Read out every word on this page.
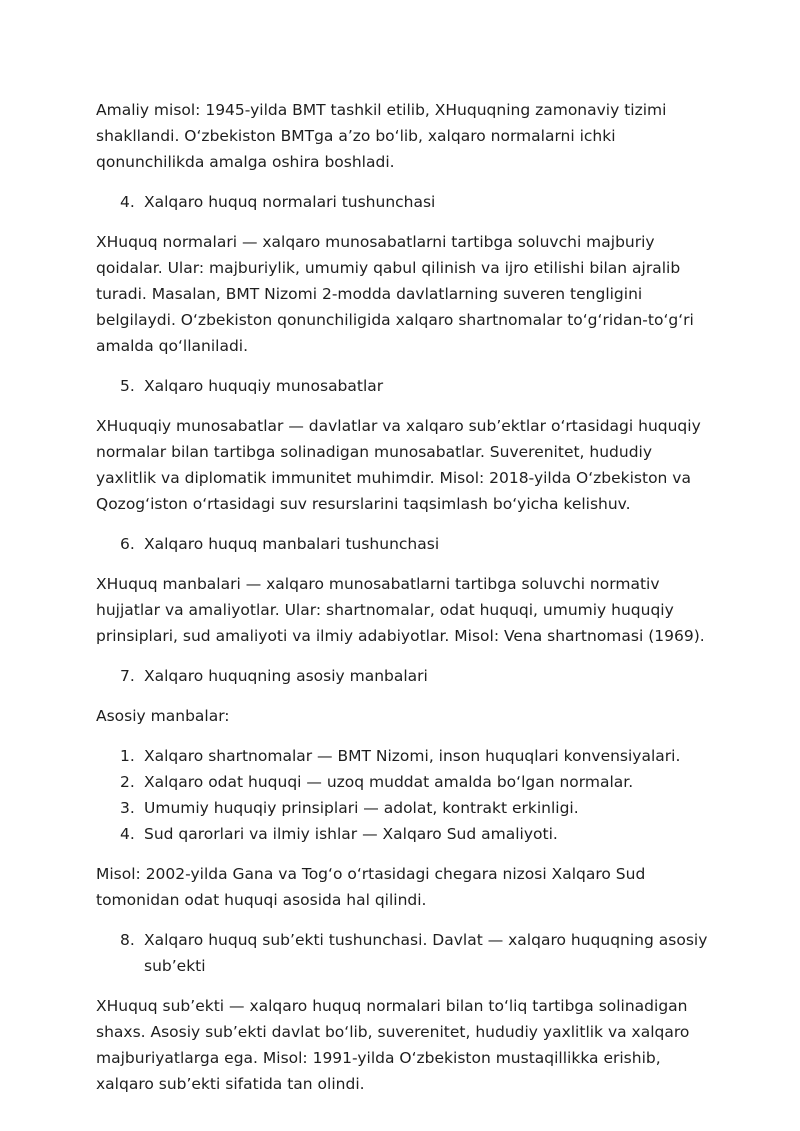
Amaliy misol: 1945-yilda BMT tashkil etilib, XHuquqning zamonaviy tizimi shakllandi. O‘zbekiston BMTga a’zo bo‘lib, xalqaro normalarni ichki qonunchilikda amalga oshira boshladi.

4. Xalqaro huquq normalari tushunchasi

XHuquq normalari — xalqaro munosabatlarni tartibga soluvchi majburiy qoidalar. Ular: majburiylik, umumiy qabul qilinish va ijro etilishi bilan ajralib turadi. Masalan, BMT Nizomi 2-modda davlatlarning suveren tengligini belgilaydi. O‘zbekiston qonunchiligida xalqaro shartnomalar to‘g‘ridan-to‘g‘ri amalda qo‘llaniladi.

5. Xalqaro huquqiy munosabatlar

XHuquqiy munosabatlar — davlatlar va xalqaro sub’ektlar o‘rtasidagi huquqiy normalar bilan tartibga solinadigan munosabatlar. Suverenitet, hududiy yaxlitlik va diplomatik immunitet muhimdir. Misol: 2018-yilda O‘zbekiston va Qozog‘iston o‘rtasidagi suv resurslarini taqsimlash bo‘yicha kelishuv.

6. Xalqaro huquq manbalari tushunchasi

XHuquq manbalari — xalqaro munosabatlarni tartibga soluvchi normativ hujjatlar va amaliyotlar. Ular: shartnomalar, odat huquqi, umumiy huquqiy prinsiplari, sud amaliyoti va ilmiy adabiyotlar. Misol: Vena shartnomasi (1969).

7. Xalqaro huquqning asosiy manbalari

Asosiy manbalar:

1. Xalqaro shartnomalar — BMT Nizomi, inson huquqlari konvensiyalari.
2. Xalqaro odat huquqi — uzoq muddat amalda bo‘lgan normalar.
3. Umumiy huquqiy prinsiplari — adolat, kontrakt erkinligi.
4. Sud qarorlari va ilmiy ishlar — Xalqaro Sud amaliyoti.

Misol: 2002-yilda Gana va Tog‘o o‘rtasidagi chegara nizosi Xalqaro Sud tomonidan odat huquqi asosida hal qilindi.

8. Xalqaro huquq sub’ekti tushunchasi. Davlat — xalqaro huquqning asosiy sub’ekti

XHuquq sub’ekti — xalqaro huquq normalari bilan to‘liq tartibga solinadigan shaxs. Asosiy sub’ekti davlat bo‘lib, suverenitet, hududiy yaxlitlik va xalqaro majburiyatlarga ega. Misol: 1991-yilda O‘zbekiston mustaqillikka erishib, xalqaro sub’ekti sifatida tan olindi.
